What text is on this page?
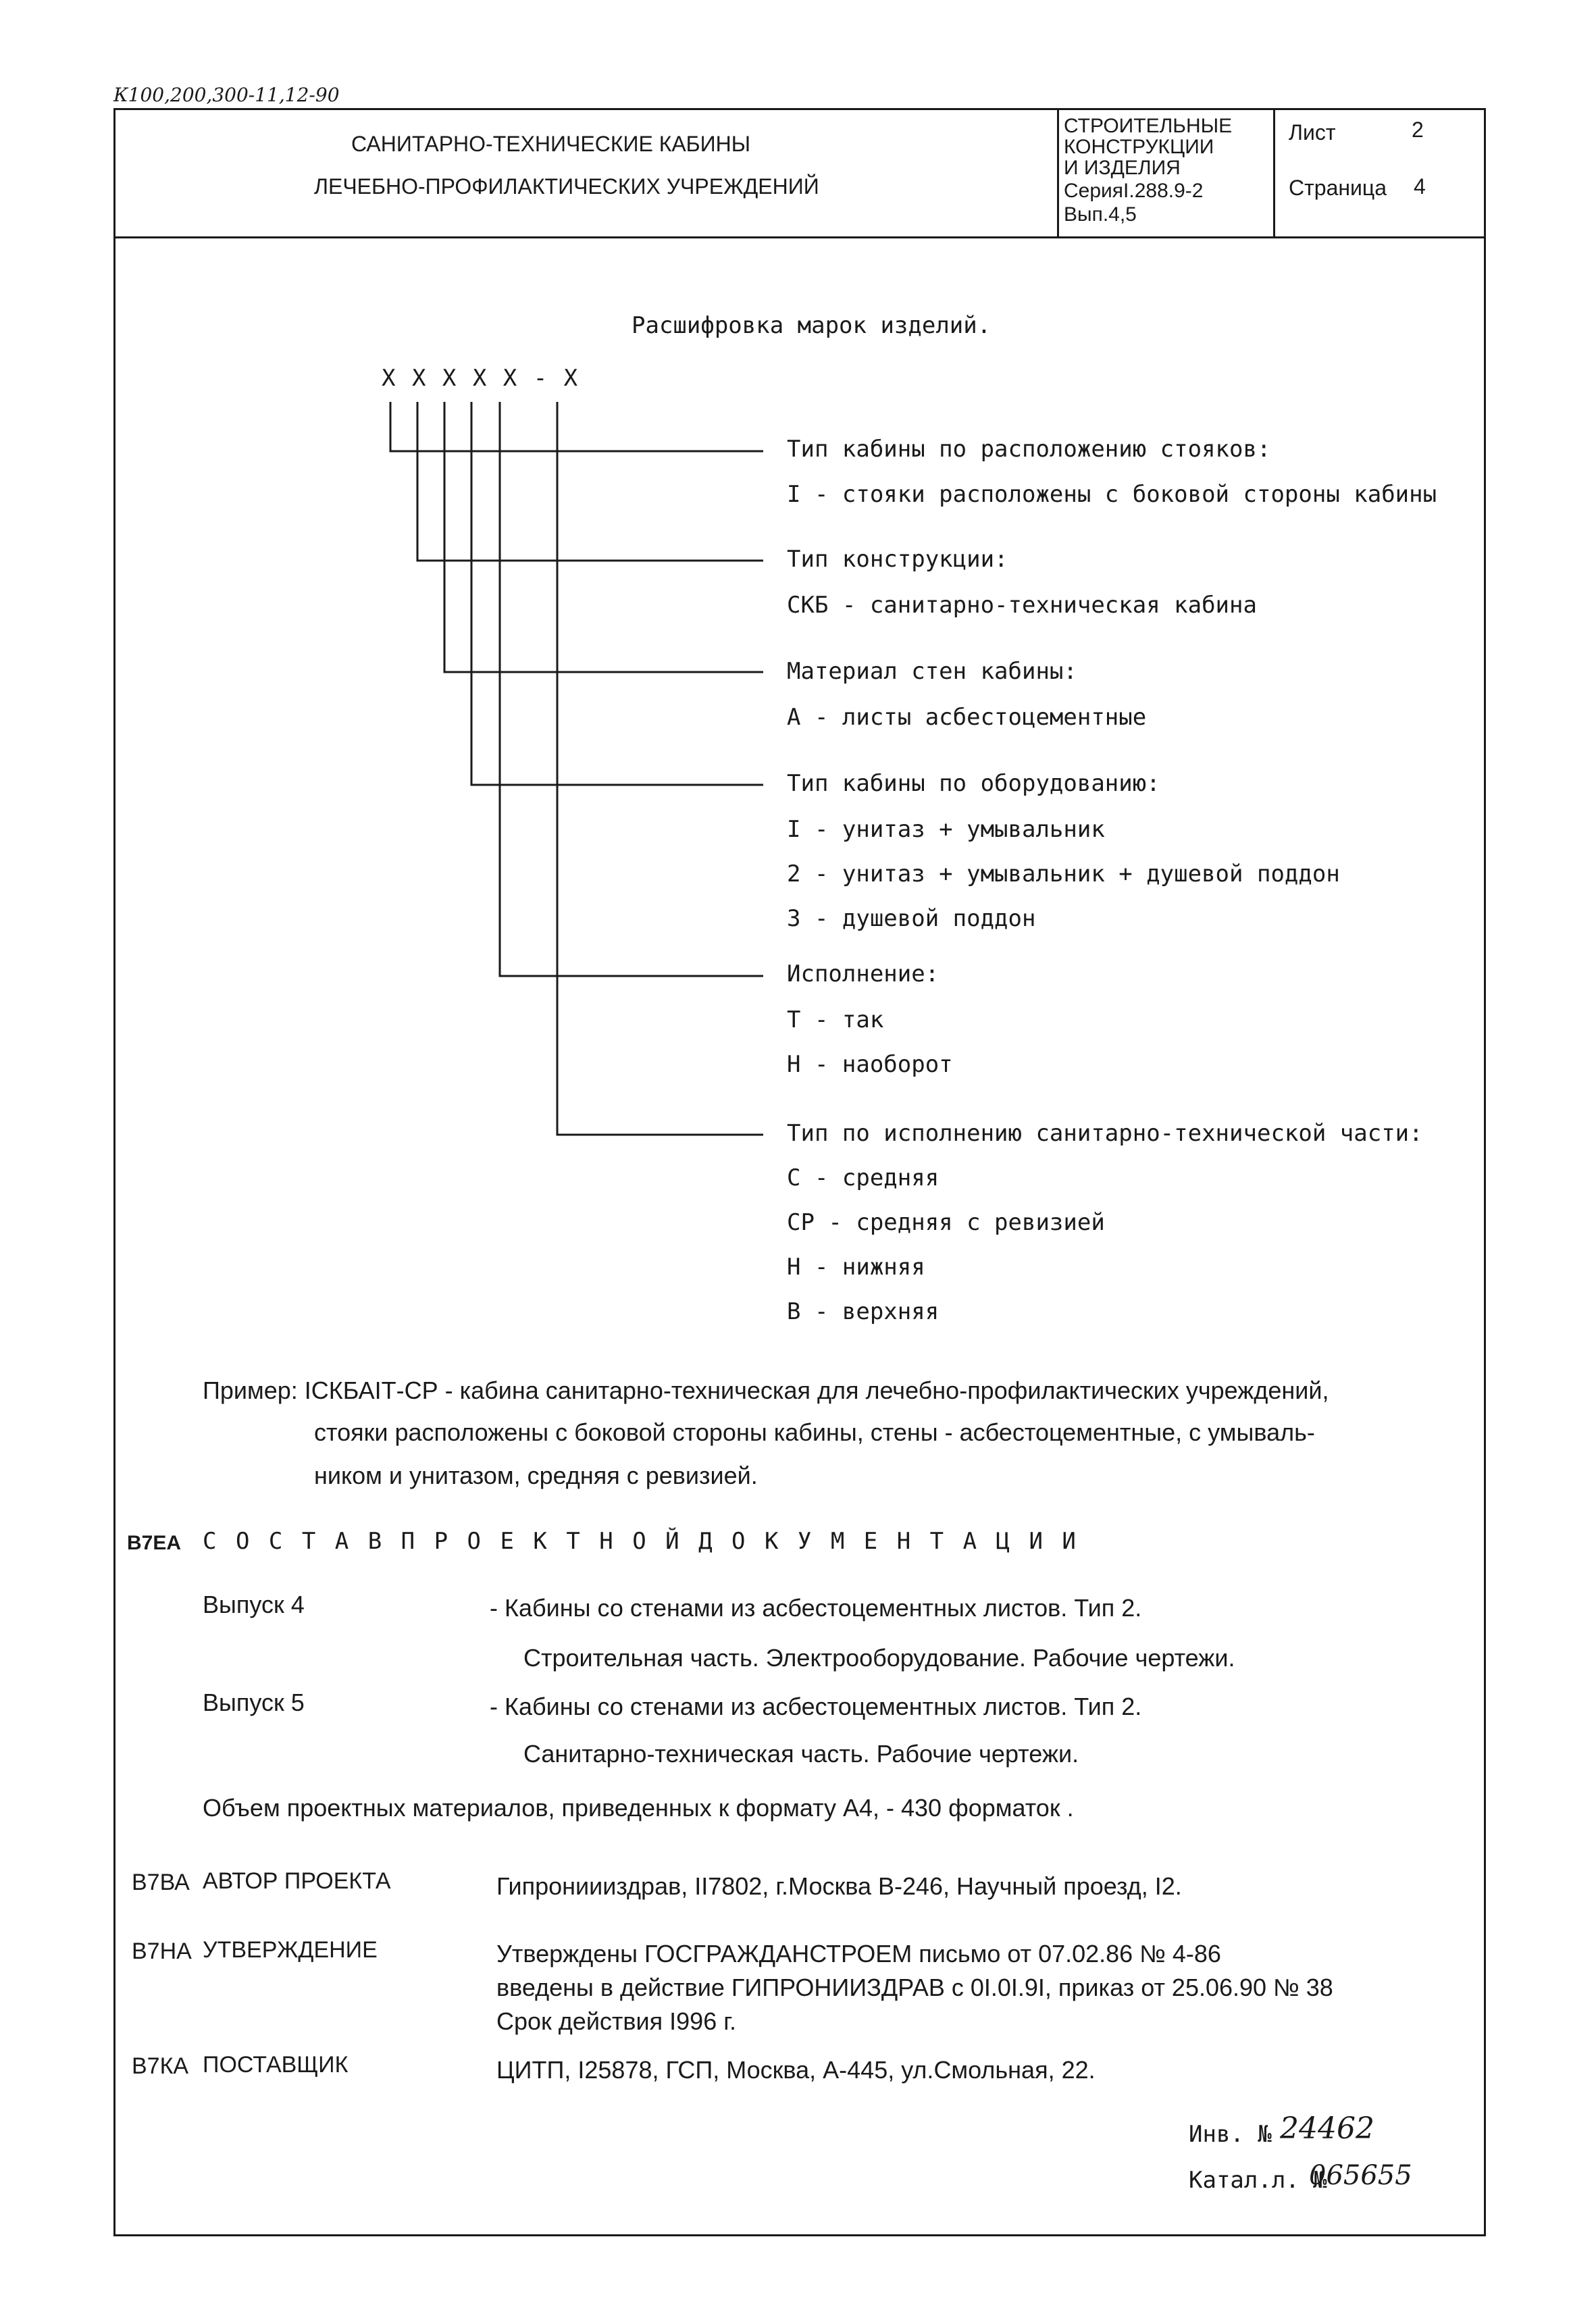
К100,200,300-11,12-90
САНИТАРНО-ТЕХНИЧЕСКИЕ КАБИНЫ
ЛЕЧЕБНО-ПРОФИЛАКТИЧЕСКИХ УЧРЕЖДЕНИЙ
СТРОИТЕЛЬНЫЕ
КОНСТРУКЦИИ
И ИЗДЕЛИЯ
СерияI.288.9-2
Вып.4,5
Лист	2
Страница 4
Расшифровка марок изделий.
Х Х Х Х Х - Х
Тип кабины по расположению стояков:
I - стояки расположены с боковой стороны кабины
Тип конструкции:
СКБ - санитарно-техническая кабина
Материал стен кабины:
А - листы асбестоцементные
Тип кабины по оборудованию:
I - унитаз + умывальник
2 - унитаз + умывальник + душевой поддон
3 - душевой поддон
Исполнение:
Т - так
Н - наоборот
Тип по исполнению санитарно-технической части:
С - средняя
СР - средняя с ревизией
Н - нижняя
В - верхняя
Пример: IСКБАIТ-СР - кабина санитарно-техническая для лечебно-профилактических учреждений,
стояки расположены с боковой стороны кабины, стены - асбестоцементные, с умываль-
ником и унитазом, средняя с ревизией.
В7ЕА С О С Т А В П Р О Е К Т Н О Й Д О К У М Е Н Т А Ц И И
Выпуск 4	- Кабины со стенами из асбестоцементных листов. Тип 2.
Строительная часть. Электрооборудование. Рабочие чертежи.
Выпуск 5	- Кабины со стенами из асбестоцементных листов. Тип 2.
Санитарно-техническая часть. Рабочие чертежи.
Объем проектных материалов, приведенных к формату А4, - 430 форматок .
В7ВА АВТОР ПРОЕКТА	Гипрониииздрав, II7802, г.Москва В-246, Научный проезд, I2.
В7НА УТВЕРЖДЕНИЕ	Утверждены ГОСГРАЖДАНСТРОЕМ письмо от 07.02.86 № 4-86
введены в действие ГИПРОНИИЗДРАВ с 0I.0I.9I, приказ от 25.06.90 № 38
Срок действия I996 г.
В7КА ПОСТАВЩИК	ЦИТП, I25878, ГСП, Москва, А-445, ул.Смольная, 22.
Инв. № 24462
Катал.л. №
065655
